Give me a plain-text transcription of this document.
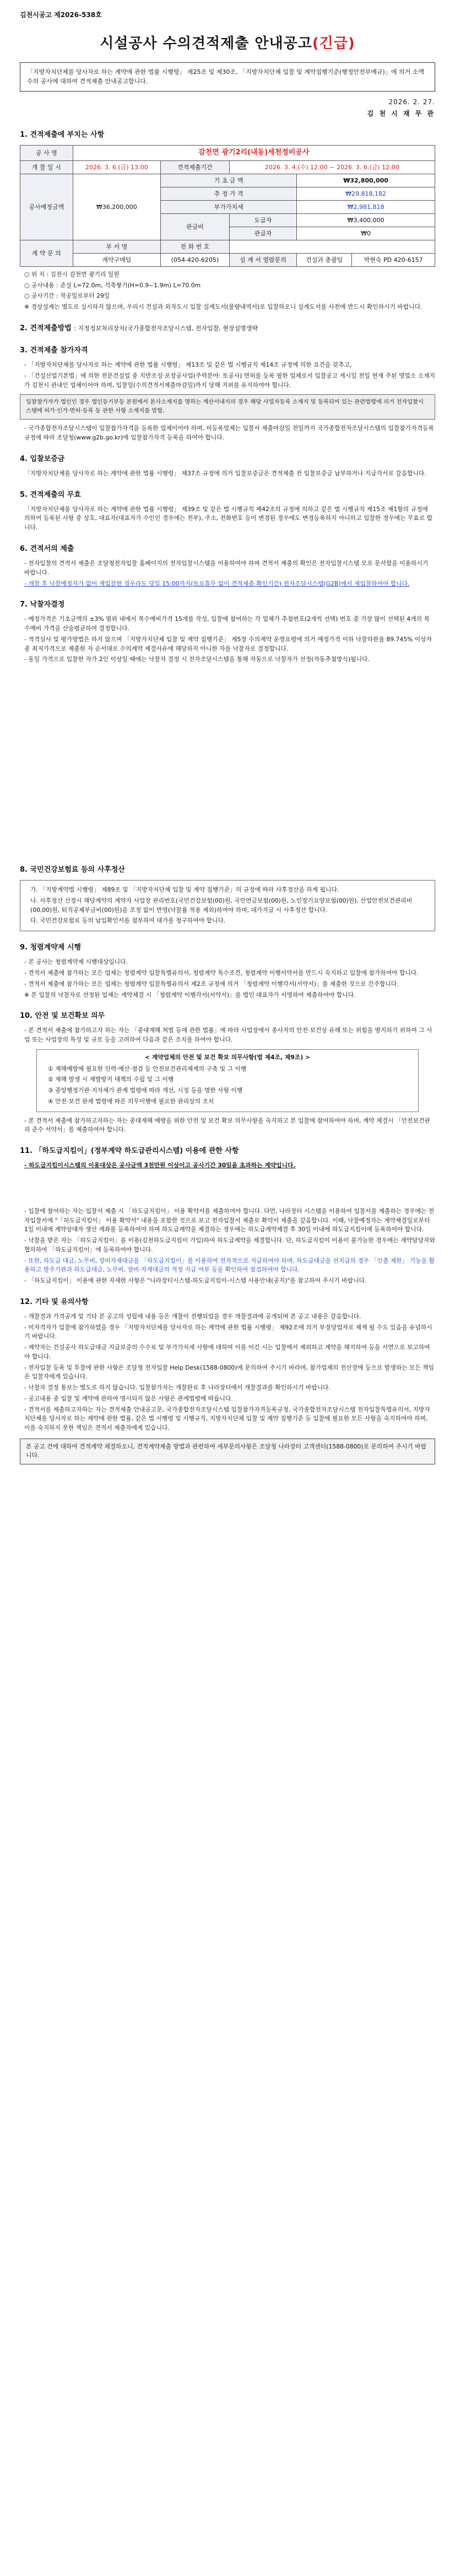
김천시공고 제2026-538호
시설공사 수의견적제출 안내공고(긴급)
「지방자치단체를 당사자로 하는 계약에 관한 법률 시행령」 제25조 및 제30조, 「지방자치단체 입찰 및 계약집행기준(행정안전부예규)」에 의거 소액수의 공사에 대하여 견적제출 안내공고합니다.
2026. 2. 27.
김 천 시 재 무 관
1. 견적제출에 부치는 사항
공 사 명	감천면 광기2리(내동)세천정비공사				
개 찰 일 시	2026. 3. 6.(금) 13:00	견적제출기간	2026. 3. 4.(수) 12:00 ~ 2026. 3. 6.(금) 12:00		
공사예정금액	₩36,200,000	기 초 금 액		₩32,800,000	
		추 정 가 격		₩29,818,182	
		부가가치세		₩2,981,818	
		관급비	도급자	₩3,400,000	
			관급자	₩0	
계 약 문 의	부 서 명	전 화 번 호			
	계약구매팀	(054-420-6205)	설 계 서 열람문의	건설과 총괄팀	박현숙 PD 420-6157
○ 위 치 : 김천시 감천면 광기리 일원
○ 공사내용 : 준설 L=72.0m, 석축쌓기(H=0.9~1.9m) L=70.0m
○ 공사기간 : 착공일로부터 29일
※ 경상설계는 별도로 실시하지 않으며, 우리시 건설과 외자도시 입찰 설계도서(물량내역서)로 입찰하오니 설계도서를 사전에 반드시 확인하시기 바랍니다.
2. 견적제출방법 : 지정정보처리장치(국가종합전자조달시스템, 전자입찰, 현장설명생략
3. 견적제출 참가자격
- 「지방자치단체를 당사자로 하는 계약에 관한 법률 시행령」 제13조 및 같은 법 시행규칙 제14조 규정에 의한 요건을 갖추고,
- 「건설산업기본법」에 의한 전문건설업 중 지반조성·포장공사업(주력분야: 토공사) 면허를 등록 필한 업체로서 입찰공고 게시일 전일 현재 주된 영업소 소재지가 김천시 관내인 업체이어야 하며, 입찰일(수의견적서제출마감일)까지 당해 지위를 유지하여야 합니다.
입찰참가자가 법인인 경우 법인등기부등 본원에서 본사소재지를 명하는 계산서내지의 경우 해당 사업자등록 소재지 및 등록되어 있는 관련법령에 의거 전자입찰시스템에 허가·인가·면허·등록 등 관한 사항 소재지를 말함.
- 국가종합전자조달시스템이 입찰참가자격을 등록한 업체이어야 하며, 미등록업체는 입찰서 제출마감일 전일까지 국가종합전자조달시스템의 입찰참가자격등록규정에 따라 조달청(www.g2b.go.kr)에 입찰참가자격 등록을 하여야 합니다.
4. 입찰보증금
「지방자치단체를 당사자로 하는 계약에 관한 법률 시행령」 제37조 규정에 의거 입찰보증금은 견적제출 전 입찰보증금 납부하거나 지급각서로 갈음합니다.
5. 견적제출의 무효
「지방자치단체를 당사자로 하는 계약에 관한 법률 시행령」 제39조 및 같은 법 시행규칙 제42조의 규정에 의하고 같은 법 시행규칙 제15조 제1항의 규정에 의하여 등록된 사항 중 상호, 대표자(대표자가 수인인 경우에는 전부), 주소, 전화번호 등이 변경된 경우에도 변경등록하지 아니하고 입찰한 경우에는 무효로 합니다.
6. 견적서의 제출
- 전자입찰의 견적서 제출은 조달청전자입찰 홈페이지의 전자입찰시스템을 이용하여야 하며 견적서 제출의 확인은 전자입찰시스템 모로 문서함을 이용하시기 바랍니다.
- 개찰 후 낙찰예정자가 없어 재입찰한 경우라도 당일 15:00까지(토요휴무 없이 견적제출 확인기간) 전자조달시스템(G2B)에서 재입찰하여야 합니다.
7. 낙찰자결정
- 예정가격은 기초금액의 ±3% 범위 내에서 복수예비가격 15개를 작성, 입찰에 참여하는 각 업체가 추첨번호(2개씩 선택) 번호 중 가장 많이 선택된 4개의 복수예비 가격을 산술평균하여 결정합니다.
- 적격심사 및 평가방법은 하지 않으며 「지방자치단체 입찰 및 계약 집행기준」 제5장 수의계약 운영요령에 의거 예정가격 이하 낙찰하한율 89.745% 이상자 중 최저가격으로 제출한 자 순서대로 수의계약 체결사유에 해당하지 아니한 자를 낙찰자로 결정합니다.
- 동일 가격으로 입찰한 자가 2인 이상일 때에는 낙찰자 결정 시 전자조달시스템을 통해 자동으로 낙찰자가 선정(자동추첨방식)됩니다.
8. 국민건강보험료 등의 사후정산
가. 「지방계약법 시행령」 제89조 및 「지방자치단체 입찰 및 계약 집행기준」의 규정에 따라 사후정산을 하게 됩니다.
나. 사후정산 산정시 해당계약의 계약자 사업장 관리번호(국민건강보험(00)원, 국민연금보험(00)원, 노인장기요양보험(00)원), 산업안전보건관리비(00,00)원, 퇴직공제부금비(00)원)을 조정 없이 반영(낙찰률 적용 제외)하여야 하며, 대가지급 시 사후정산 합니다.
다. 국민건강보험료 등의 납입확인서를 첨부하여 대가를 청구하여야 합니다.
9. 청렴계약제 시행
- 본 공사는 청렴계약제 시행대상입니다.
- 견적서 제출에 참가하는 모든 업체는 청렴계약 입찰특별유의서, 청렴계약 특수조건, 청렴계약 이행서약서를 반드시 숙지하고 입찰에 참가하여야 합니다.
- 견적서 제출에 참가하는 모든 업체는 청렴계약 입찰특별유의서 제2조 규정에 의거 「청렴계약 이행각서(서약서)」를 제출한 것으로 간주합니다.
※ 본 입찰의 낙찰자로 선정된 업체는 계약체결 시 「청렴계약 이행각서(서약서)」를 법인 대표자가 서명하여 제출하여야 합니다.
10. 안전 및 보건확보 의무
- 본 견적서 제출에 참가하고자 하는 자는 「중대재해 처벌 등에 관한 법률」에 따라 사업장에서 종사자의 안전·보건상 유해 또는 위험을 방지하기 위하여 그 사업 또는 사업장의 특성 및 규모 등을 고려하여 다음과 같은 조치를 하여야 합니다.
< 계약업체의 안전 및 보건 확보 의무사항(법 제4조, 제9조) >
① 재해예방에 필요한 인력·예산·점검 등 안전보건관리체계의 구축 및 그 이행
② 재해 발생 시 재발방지 대책의 수립 및 그 이행
③ 중앙행정기관·지자체가 관계 법령에 따라 개선, 시정 등을 명한 사항 이행
④ 안전·보건 관계 법령에 따른 의무이행에 필요한 관리상의 조치
- 본 견적서 제출에 참가하고자하는 자는 중대재해 예방을 위한 안전 및 보건 확보 의무사항을 숙지하고 본 입찰에 참여하여야 하며, 계약 체결시 「안전보건관리 준수 서약서」를 제출하여야 합니다.
11. 「하도급지킴이」(정부계약 하도급관리시스템) 이용에 관한 사항
- 하도급지킴이시스템의 이용대상은 공사금액 3천만원 이상이고 공사기간 30일을 초과하는 계약입니다.
- 입찰에 참여하는 자는 입찰서 제출 시 「하도급지킴이」 이용 확약서를 제출하여야 합니다. 다만, 나라장터 시스템을 이용하여 입찰서를 제출하는 경우에는 전자입찰서에 "「하도급지킴이」 이용 확약서" 내용을 포함한 것으로 보고 전자입찰서 제출로 확약서 제출을 갈음합니다. 이때, 낙찰예정자는 계약체결일로부터 1일 이내에 계약상대자 생산 계좌를 등록하여야 하며 하도급계약을 체결하는 경우에는 하도급계약체결 후 30일 이내에 하도급지킴이에 등록하여야 합니다.
- 낙찰을 받은 자는 「하도급지킴이」를 이용(김천하도급지킴이 가입)하여 하도급계약을 체결합니다. 단, 하도급지킴이 이용이 불가능한 경우에는 계약담당자와 협의하여 「하도급지킴이」에 등록하여야 합니다.
- 또한, 하도급 대금, 노무비, 장비자재대금을 「하도급지킴이」를 이용하여 전자적으로 지급하여야 하며, 하도급대금을 선지급의 경우 「인출 제한」 기능을 활용하고 발주기관과 하도급대금, 노무비, 장비·자재대금의 적정 지급 여부 등을 확인하여 점검하여야 합니다.
- 「하도급지킴이」 이용에 관한 자세한 사항은 "나라장터시스템-하도급지킴이-시스템 사용안내(공지)"를 참고하여 주시기 바랍니다.
12. 기타 및 유의사항
- 개찰결과 가격공개 및 기타 본 공고의 성립에 내용 등은 개찰이 진행되었을 경우 개찰결과에 공개되며 본 공고 내용은 갈음합니다.
- 미자격자가 입찰에 참가하였을 경우 「지방자치단체를 당사자로 하는 계약에 관한 법률 시행령」 제92조에 의거 부정당업자로 제재 될 수도 있음을 유념하시기 바랍니다.
- 계약자는 건설공사 하도급대금 지급보증의 수수료 및 부가가치세 사항에 대하여 이를 어긴 시는 입찰에서 제외하고 계약을 해지하여 등을 서면으로 보고하여야 합니다.
- 전자입찰 등록 및 투찰에 관한 사항은 조달청 전자입찰 Help Desk(1588-0800)에 문의하여 주시기 바라며, 참가업체의 전산장애 등으로 발생하는 모든 책임은 입찰자에게 있습니다.
- 낙찰자 결정 통보는 별도로 하지 않습니다. 입찰참가자는 개찰완료 후 나라장터에서 개찰결과를 확인하시기 바랍니다.
- 공고내용 중 입찰 및 계약에 관하여 명시되지 않은 사항은 관계법령에 따릅니다.
- 견적서를 제출하고자하는 자는 견적제출 안내공고문, 국가종합전자조달시스템 입찰참가자격등록규정, 국가종합전자조달시스템 전자입찰특별유의서, 지방자치단체를 당사자로 하는 계약에 관한 법률, 같은 법 시행령 및 시행규칙, 지방자치단체 입찰 및 계약 집행기준 등 입찰에 필요한 모든 사항을 숙지하여야 하며, 이를 숙지하지 못한 책임은 견적서 제출자에게 있습니다.
본 공고 건에 대하여 견적계약 채결하오니, 견적계약제출 방법과 관련하여 세부문의사항은 조달청 나라장터 고객센터(1588-0800)로 문의하여 주시기 바랍니다.
